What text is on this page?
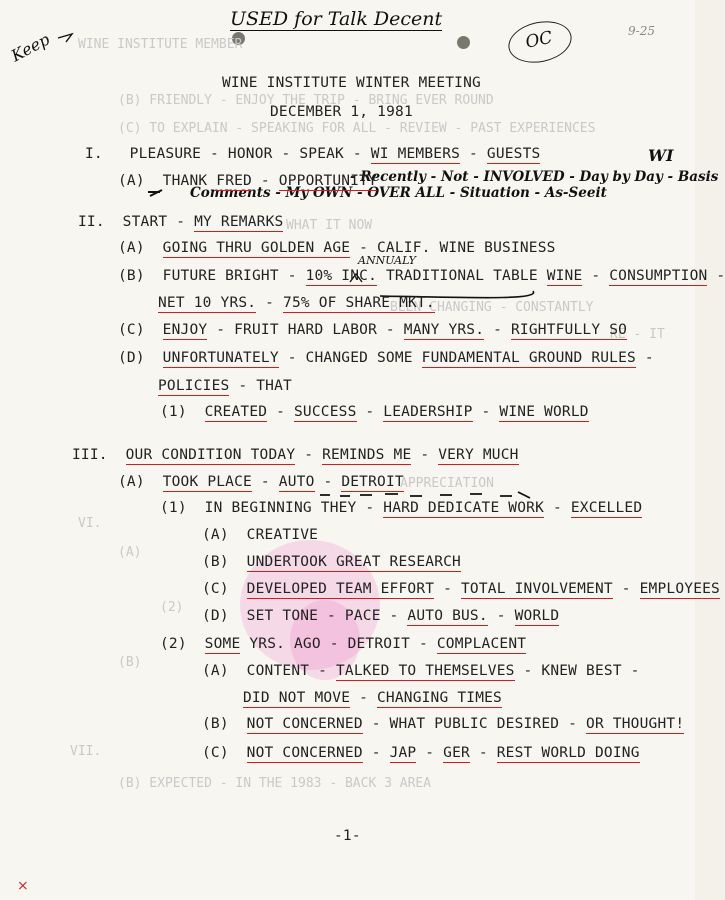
WINE INSTITUTE MEMBER
(B) FRIENDLY - ENJOY THE TRIP - BRING EVER ROUND
(C) TO EXPLAIN - SPEAKING FOR ALL - REVIEW - PAST EXPERIENCES
WHAT IT NOW
BEEN CHANGING - CONSTANTLY
KE - IT
APPRECIATION
VI.
(A)
(B)
(2)
VII.
(B) EXPECTED - IN THE 1983 - BACK 3 AREA
USED for Talk Decent
Keep	OC	9-25
WI
- Recently - Not - INVOLVED - Day by Day - Basis
Comments - My OWN - OVER ALL - Situation - As-Seeit
ANNUALY
×
WINE INSTITUTE WINTER MEETING
DECEMBER 1, 1981
I. PLEASURE - HONOR - SPEAK - WI MEMBERS - GUESTS
(A) THANK FRED - OPPORTUNITY
II. START - MY REMARKS
(A) GOING THRU GOLDEN AGE - CALIF. WINE BUSINESS
(B) FUTURE BRIGHT - 10% INC. TRADITIONAL TABLE WINE - CONSUMPTION -
NET 10 YRS. - 75% OF SHARE MKT.
(C) ENJOY - FRUIT HARD LABOR - MANY YRS. - RIGHTFULLY SO
(D) UNFORTUNATELY - CHANGED SOME FUNDAMENTAL GROUND RULES -
POLICIES - THAT
(1) CREATED - SUCCESS - LEADERSHIP - WINE WORLD
III. OUR CONDITION TODAY - REMINDS ME - VERY MUCH
(A) TOOK PLACE - AUTO - DETROIT
(1) IN BEGINNING THEY - HARD DEDICATE WORK - EXCELLED
(A) CREATIVE
(B) UNDERTOOK GREAT RESEARCH
(C) DEVELOPED TEAM EFFORT - TOTAL INVOLVEMENT - EMPLOYEES
(D) SET TONE - PACE - AUTO BUS. - WORLD
(2) SOME YRS. AGO - DETROIT - COMPLACENT
(A) CONTENT - TALKED TO THEMSELVES - KNEW BEST -
DID NOT MOVE - CHANGING TIMES
(B) NOT CONCERNED - WHAT PUBLIC DESIRED - OR THOUGHT!
(C) NOT CONCERNED - JAP - GER - REST WORLD DOING
-1-
